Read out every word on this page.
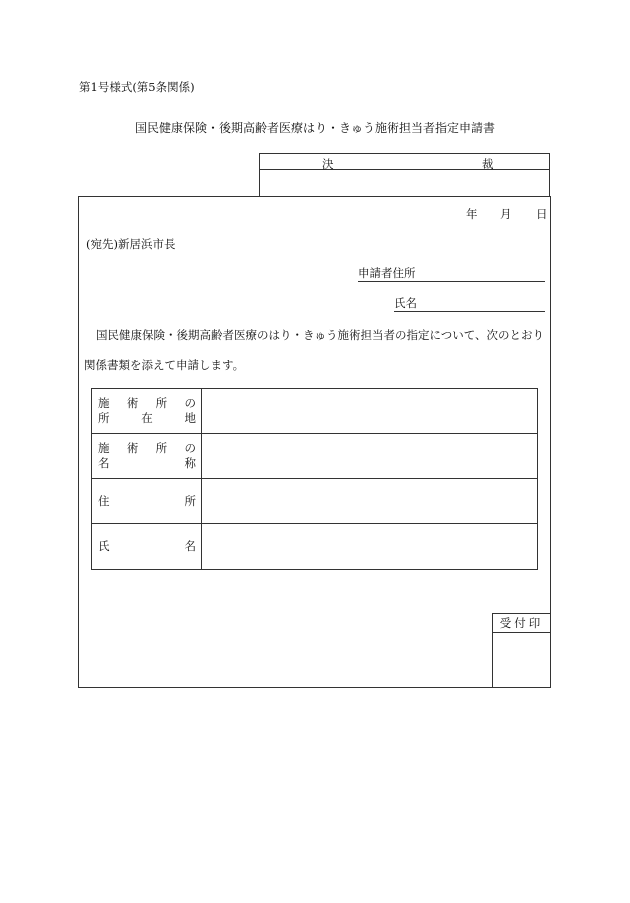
第1号様式(第5条関係)
国民健康保険・後期高齢者医療はり・きゅう施術担当者指定申請書
決	裁
年 月 日
(宛先)新居浜市長
申請者住所
氏名
国民健康保険・後期高齢者医療のはり・きゅう施術担当者の指定について、次のとおり
関係書類を添えて申請します。
施 術 所 の
所	在	地
施 術 所 の
名	称
住	所
氏	名
受付印
